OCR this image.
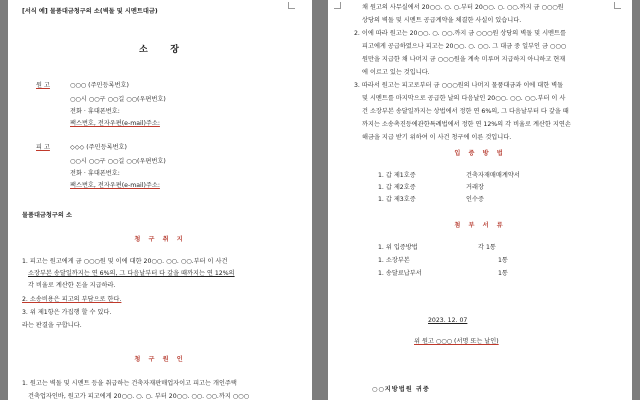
[서식 예] 물품대금청구의 소(벽돌 및 시멘트대금)
소    장
원 고	○○○ (주민등록번호)
○○시 ○○구 ○○길 ○○(우편번호)
전화 · 휴대폰번호:
팩스번호, 전자우편(e-mail)주소:
피 고	◇◇◇ (주민등록번호)
○○시 ○○구 ○○길 ○○(우편번호)
전화 · 휴대폰번호:
팩스번호, 전자우편(e-mail)주소:
물품대금청구의 소
청 구 취 지
1. 피고는 원고에게 금 ○○○원 및 이에 대한 20○○. ○○. ○○.부터 이 사건
소장부본 송달일까지는 연 6%의, 그 다음날부터 다 갚을 때까지는 연 12%의
각 비율로 계산한 돈을 지급하라.
2. 소송비용은 피고의 부담으로 한다.
3. 위 제1항은 가집행 할 수 있다.
라는 판결을 구합니다.
청 구 원 인
1. 원고는 벽돌 및 시멘트 등을 취급하는 건축자재판매업자이고 피고는 개인주택
건축업자인바, 원고가 피고에게 20○○. ○. ○. 부터 20○○. ○○. ○○.까지 ○○○
채 원고의 사무실에서 20○○. ○. ○.부터 20○○. ○. ○○.까지 금 ○○○원
상당의 벽돌 및 시멘트 공급계약을 체결한 사실이 있습니다.
2. 이에 따라 원고는 20○○. ○. ○○.까지 금 ○○○원 상당의 벽돌 및 시멘트를
피고에게 공급하였으나 피고는 20○○. ○. ○○. 그 대금 중 일부인 금 ○○○
원만을 지급한 채 나머지 금 ○○○원을 계속 미루며 지급하지 아니하고 현재
에 이르고 있는 것입니다.
3. 따라서 원고는 피고로부터 금 ○○○원의 나머지 물품대금과 이에 대한 벽돌
및 시멘트를 마지막으로 공급한 날의 다음날인 20○○. ○○. ○○.부터 이 사
건 소장부본 송달일까지는 상법에서 정한 연 6%의, 그 다음날부터 다 갚을 때
까지는 소송촉진등에관한특례법에서 정한 연 12%의 각 비율로 계산한 지연손
해금을 지급 받기 위하여 이 사건 청구에 이른 것입니다.
입 증 방 법
1. 갑 제1호증	건축자재매매계약서
1. 갑 제2호증	거래장
1. 갑 제3호증	인수증
첨 부 서 류
1. 위 입증방법	각 1통
1. 소장부본	1통
1. 송달료납부서	1통
2023. 12. 07
위 원고 ○○○ (서명 또는 날인)
○○지방법원 귀중
